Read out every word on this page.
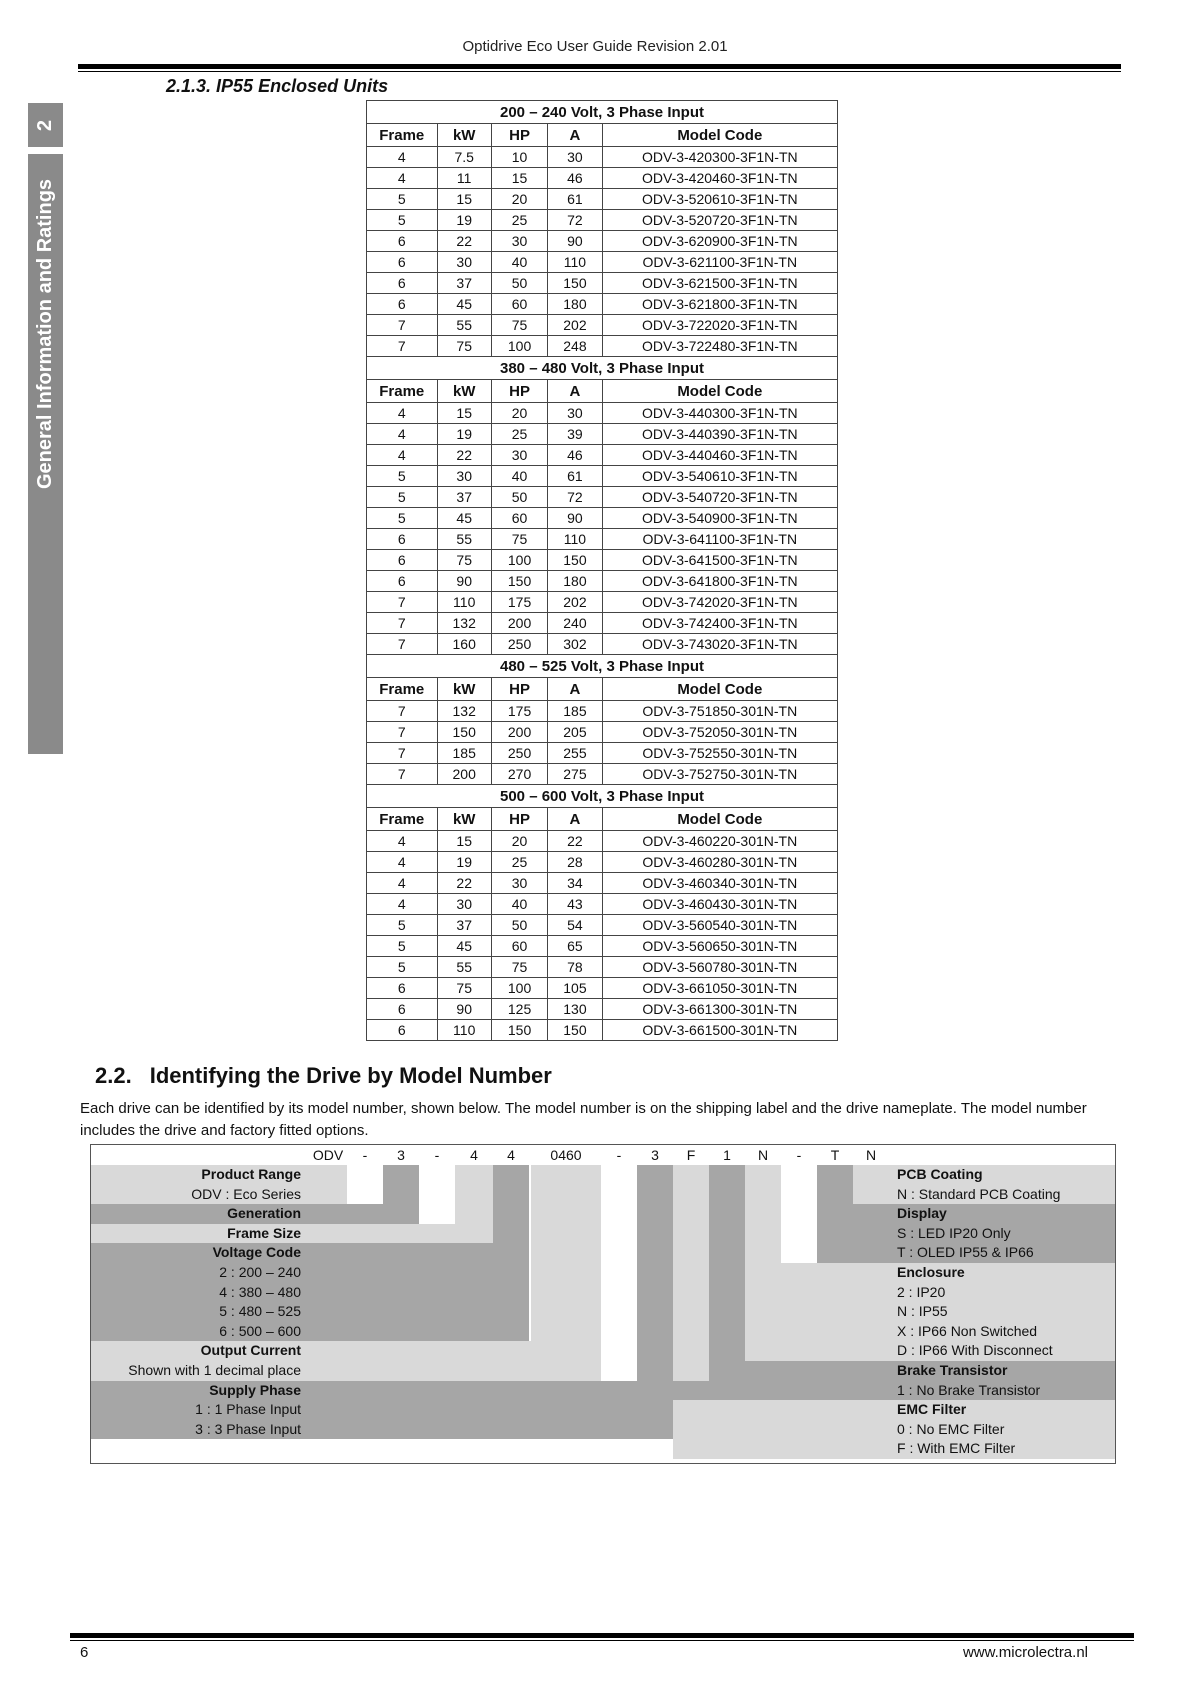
Optidrive Eco User Guide Revision 2.01
2
General Information and Ratings
2.1.3. IP55 Enclosed Units
200 – 240 Volt, 3 Phase Input				
Frame	kW	HP	A	Model Code
4	7.5	10	30	ODV-3-420300-3F1N-TN
4	11	15	46	ODV-3-420460-3F1N-TN
5	15	20	61	ODV-3-520610-3F1N-TN
5	19	25	72	ODV-3-520720-3F1N-TN
6	22	30	90	ODV-3-620900-3F1N-TN
6	30	40	110	ODV-3-621100-3F1N-TN
6	37	50	150	ODV-3-621500-3F1N-TN
6	45	60	180	ODV-3-621800-3F1N-TN
7	55	75	202	ODV-3-722020-3F1N-TN
7	75	100	248	ODV-3-722480-3F1N-TN
380 – 480 Volt, 3 Phase Input				
Frame	kW	HP	A	Model Code
4	15	20	30	ODV-3-440300-3F1N-TN
4	19	25	39	ODV-3-440390-3F1N-TN
4	22	30	46	ODV-3-440460-3F1N-TN
5	30	40	61	ODV-3-540610-3F1N-TN
5	37	50	72	ODV-3-540720-3F1N-TN
5	45	60	90	ODV-3-540900-3F1N-TN
6	55	75	110	ODV-3-641100-3F1N-TN
6	75	100	150	ODV-3-641500-3F1N-TN
6	90	150	180	ODV-3-641800-3F1N-TN
7	110	175	202	ODV-3-742020-3F1N-TN
7	132	200	240	ODV-3-742400-3F1N-TN
7	160	250	302	ODV-3-743020-3F1N-TN
480 – 525 Volt, 3 Phase Input				
Frame	kW	HP	A	Model Code
7	132	175	185	ODV-3-751850-301N-TN
7	150	200	205	ODV-3-752050-301N-TN
7	185	250	255	ODV-3-752550-301N-TN
7	200	270	275	ODV-3-752750-301N-TN
500 – 600 Volt, 3 Phase Input				
Frame	kW	HP	A	Model Code
4	15	20	22	ODV-3-460220-301N-TN
4	19	25	28	ODV-3-460280-301N-TN
4	22	30	34	ODV-3-460340-301N-TN
4	30	40	43	ODV-3-460430-301N-TN
5	37	50	54	ODV-3-560540-301N-TN
5	45	60	65	ODV-3-560650-301N-TN
5	55	75	78	ODV-3-560780-301N-TN
6	75	100	105	ODV-3-661050-301N-TN
6	90	125	130	ODV-3-661300-301N-TN
6	110	150	150	ODV-3-661500-301N-TN
2.2. Identifying the Drive by Model Number
Each drive can be identified by its model number, shown below. The model number is on the shipping label and the drive nameplate. The model number includes the drive and factory fitted options.
ODV	-	3	-	4	4	0460	-	3	F	1	N	-	T	N
Product Range
ODV : Eco Series
Generation
Frame Size
Voltage Code
2 : 200 – 240
4 : 380 – 480
5 : 480 – 525
6 : 500 – 600
Output Current
Shown with 1 decimal place
Supply Phase
1 : 1 Phase Input
3 : 3 Phase Input
PCB Coating
N : Standard PCB Coating
Display
S : LED IP20 Only
T : OLED IP55 & IP66
Enclosure
2 : IP20
N : IP55
X : IP66 Non Switched
D : IP66 With Disconnect
Brake Transistor
1 : No Brake Transistor
EMC Filter
0 : No EMC Filter
F : With EMC Filter
6	www.microlectra.nl
